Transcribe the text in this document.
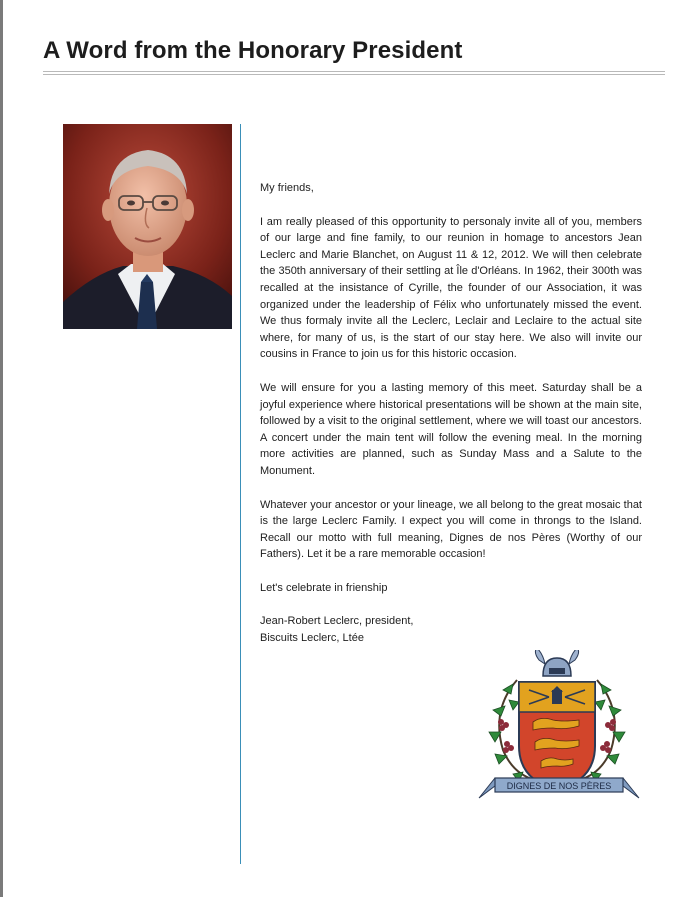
A Word from the Honorary President

My friends,

I am really pleased of this opportunity to personaly invite all of you, members of our large and fine family, to our reunion in homage to ancestors Jean Leclerc and Marie Blanchet, on August 11 & 12, 2012. We will then celebrate the 350th anniversary of their settling at Île d'Orléans. In 1962, their 300th was recalled at the insistance of Cyrille, the founder of our Association, it was organized under the leadership of Félix who unfortunately missed the event. We thus formaly invite all the Leclerc, Leclair and Leclaire to the actual site where, for many of us, is the start of our stay here. We also will invite our cousins in France to join us for this historic occasion.

We will ensure for you a lasting memory of this meet. Saturday shall be a joyful experience where historical presentations will be shown at the main site, followed by a visit to the original settlement, where we will toast our ancestors. A concert under the main tent will follow the evening meal. In the morning more activities are planned, such as Sunday Mass and a Salute to the Monument.

Whatever your ancestor or your lineage, we all belong to the great mosaic that is the large Leclerc Family. I expect you will come in throngs to the Island. Recall our motto with full meaning, Dignes de nos Pères (Worthy of our Fathers). Let it be a rare memorable occasion!

Let's celebrate in frienship

Jean-Robert Leclerc, president,

Biscuits Leclerc, Ltée

DIGNES DE NOS PÈRES
